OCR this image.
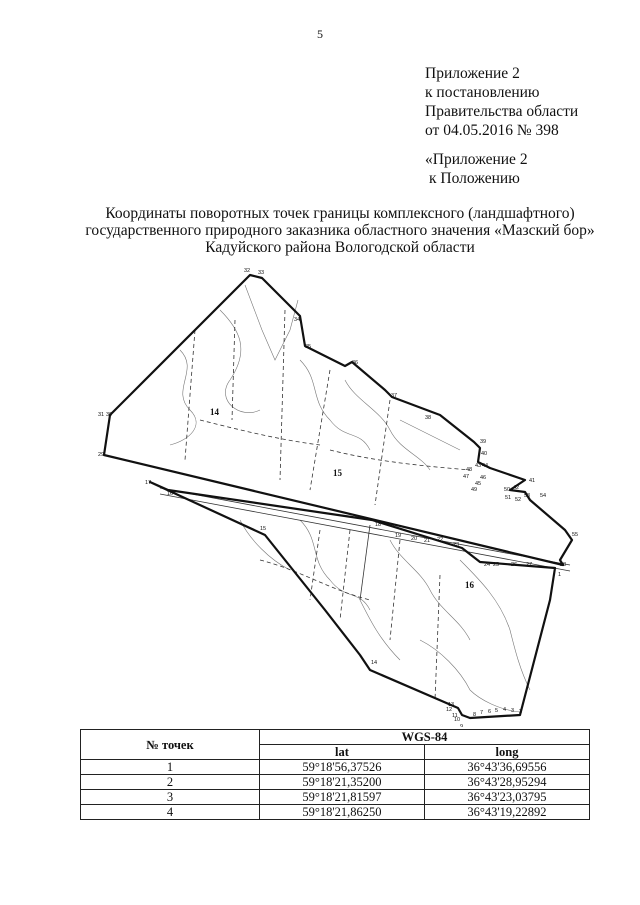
5
Приложение 2
к постановлению
Правительства области
от 04.05.2016 № 398
«Приложение 2
к Положению
Координаты поворотных точек границы комплексного (ландшафтного)
государственного природного заказника областного значения «Мазский бор»
Кадуйского района Вологодской области
14
15
16
1
2
3
4
5
6
7
8
9
10
11
12
13
14
15
16
17
18
19 20 21 22
23
24 25 26 27	28
29
30
31
32 33
34
35
36
37
38
39
40
41
42
43 44
45
46
47
48
49	50
51 52
53 54
55
№ точек	WGS-84	
	lat	long
1	59°18'56,37526	36°43'36,69556
2	59°18'21,35200	36°43'28,95294
3	59°18'21,81597	36°43'23,03795
4	59°18'21,86250	36°43'19,22892
